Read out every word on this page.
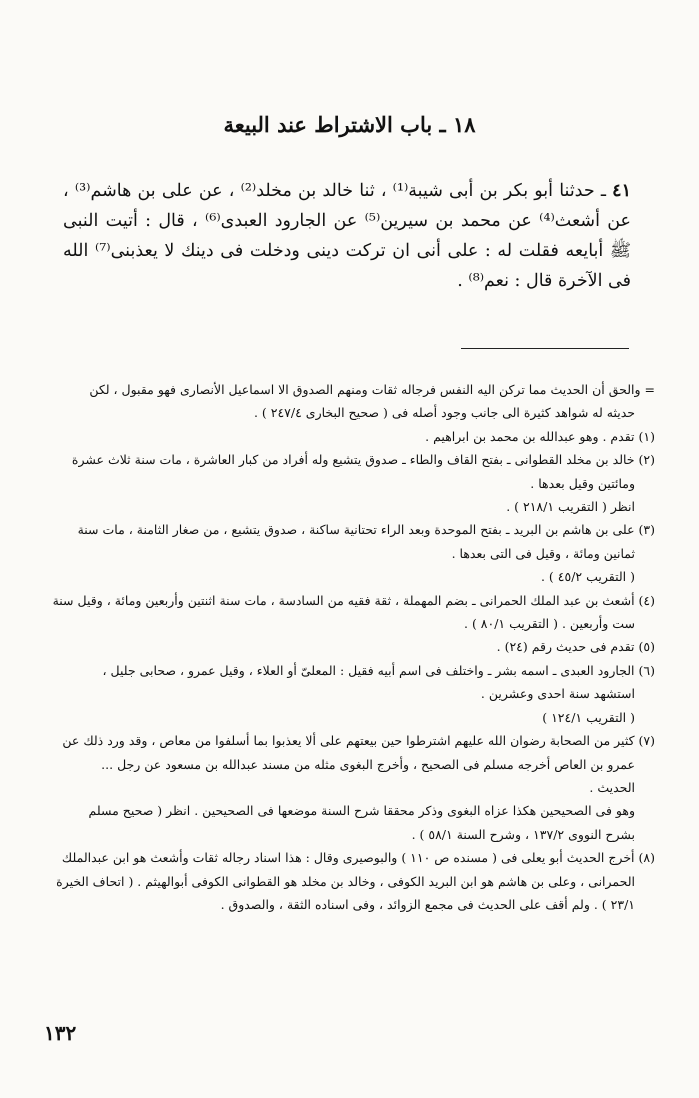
١٨ ـ باب الاشتراط عند البيعة

٤١ ـ حدثنا أبو بكر بن أبى شيبة⁽¹⁾ ، ثنا خالد بن مخلد⁽²⁾ ، عن على بن هاشم⁽³⁾ ، عن أشعث⁽⁴⁾ عن محمد بن سيرين⁽⁵⁾ عن الجارود العبدى⁽⁶⁾ ، قال : أتيت النبى ﷺ أبايعه فقلت له : على أنى ان تركت دينى ودخلت فى دينك لا يعذبنى⁽⁷⁾ الله فى الآخرة قال : نعم⁽⁸⁾ .

= والحق أن الحديث مما تركن اليه النفس فرجاله ثقات ومنهم الصدوق الا اسماعيل الأنصارى فهو مقبول ، لكن

حديثه له شواهد كثيرة الى جانب وجود أصله فى ( صحيح البخارى ٢٤٧/٤ ) .

(١) تقدم . وهو عبدالله بن محمد بن ابراهيم .

(٢) خالد بن مخلد القطوانى ـ بفتح القاف والطاء ـ صدوق يتشيع وله أفراد من كبار العاشرة ، مات سنة ثلاث عشرة

ومائتين وقيل بعدها .

انظر ( التقريب ٢١٨/١ ) .

(٣) على بن هاشم بن البريد ـ بفتح الموحدة وبعد الراء تحتانية ساكنة ، صدوق يتشيع ، من صغار الثامنة ، مات سنة

ثمانين ومائة ، وقيل فى التى بعدها .

( التقريب ٤٥/٢ ) .

(٤) أشعث بن عبد الملك الحمرانى ـ بضم المهملة ، ثقة فقيه من السادسة ، مات سنة اثنتين وأربعين ومائة ، وقيل سنة

ست وأربعين . ( التقريب ٨٠/١ ) .

(٥) تقدم فى حديث رقم (٢٤) .

(٦) الجارود العبدى ـ اسمه بشر ـ واختلف فى اسم أبيه فقيل : المعلىّ أو العلاء ، وقيل عمرو ، صحابى جليل ،

استشهد سنة احدى وعشرين .

( التقريب ١٢٤/١ )

(٧) كثير من الصحابة رضوان الله عليهم اشترطوا حين بيعتهم على ألا يعذبوا بما أسلفوا من معاص ، وقد ورد ذلك عن

عمرو بن العاص أخرجه مسلم فى الصحيح ، وأخرج البغوى مثله من مسند عبدالله بن مسعود عن رجل ...

الحديث .

وهو فى الصحيحين هكذا عزاه البغوى وذكر محققا شرح السنة موضعها فى الصحيحين . انظر ( صحيح مسلم

بشرح النووى ١٣٧/٢ ، وشرح السنة ٥٨/١ ) .

(٨) أخرج الحديث أبو يعلى فى ( مسنده ص ١١٠ ) والبوصيرى وقال : هذا اسناد رجاله ثقات وأشعث هو ابن عبدالملك

الحمرانى ، وعلى بن هاشم هو ابن البريد الكوفى ، وخالد بن مخلد هو القطوانى الكوفى أبوالهيثم . ( اتحاف الخيرة

٢٣/١ ) . ولم أقف على الحديث فى مجمع الزوائد ، وفى اسناده الثقة ، والصدوق .

١٣٢
